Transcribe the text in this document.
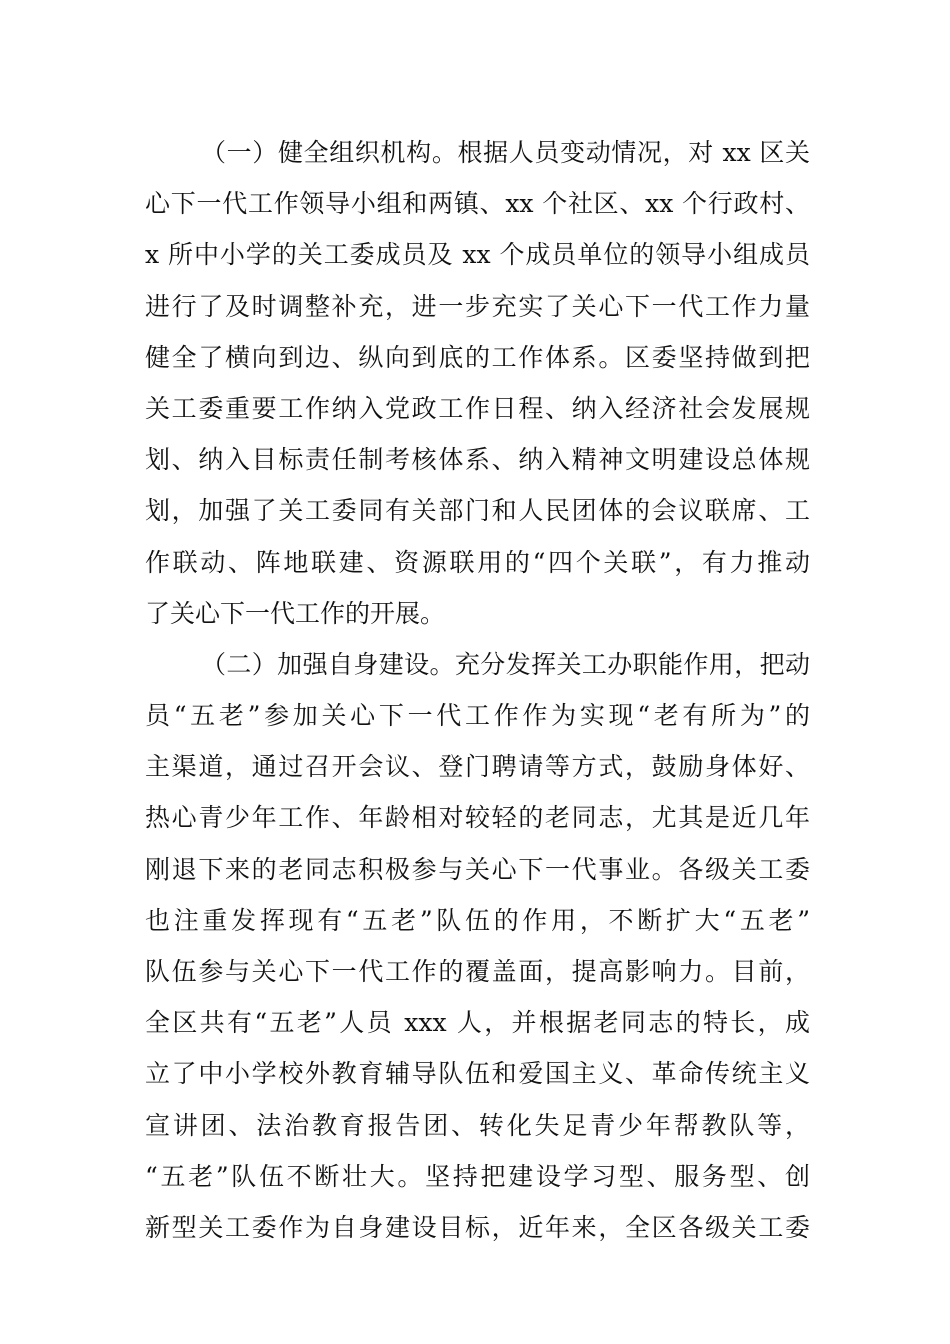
（一）健全组织机构。根据人员变动情况，对 xx 区关
心下一代工作领导小组和两镇、xx 个社区、xx 个行政村、
x 所中小学的关工委成员及 xx 个成员单位的领导小组成员
进行了及时调整补充，进一步充实了关心下一代工作力量
健全了横向到边、纵向到底的工作体系。区委坚持做到把
关工委重要工作纳入党政工作日程、纳入经济社会发展规
划、纳入目标责任制考核体系、纳入精神文明建设总体规
划，加强了关工委同有关部门和人民团体的会议联席、工
作联动、阵地联建、资源联用的“四个关联”，有力推动
了关心下一代工作的开展。
（二）加强自身建设。充分发挥关工办职能作用，把动
员“五老”参加关心下一代工作作为实现“老有所为”的
主渠道，通过召开会议、登门聘请等方式，鼓励身体好、
热心青少年工作、年龄相对较轻的老同志，尤其是近几年
刚退下来的老同志积极参与关心下一代事业。各级关工委
也注重发挥现有“五老”队伍的作用，不断扩大“五老”
队伍参与关心下一代工作的覆盖面，提高影响力。目前，
全区共有“五老”人员 xxx 人，并根据老同志的特长，成
立了中小学校外教育辅导队伍和爱国主义、革命传统主义
宣讲团、法治教育报告团、转化失足青少年帮教队等，
“五老”队伍不断壮大。坚持把建设学习型、服务型、创
新型关工委作为自身建设目标，近年来，全区各级关工委
